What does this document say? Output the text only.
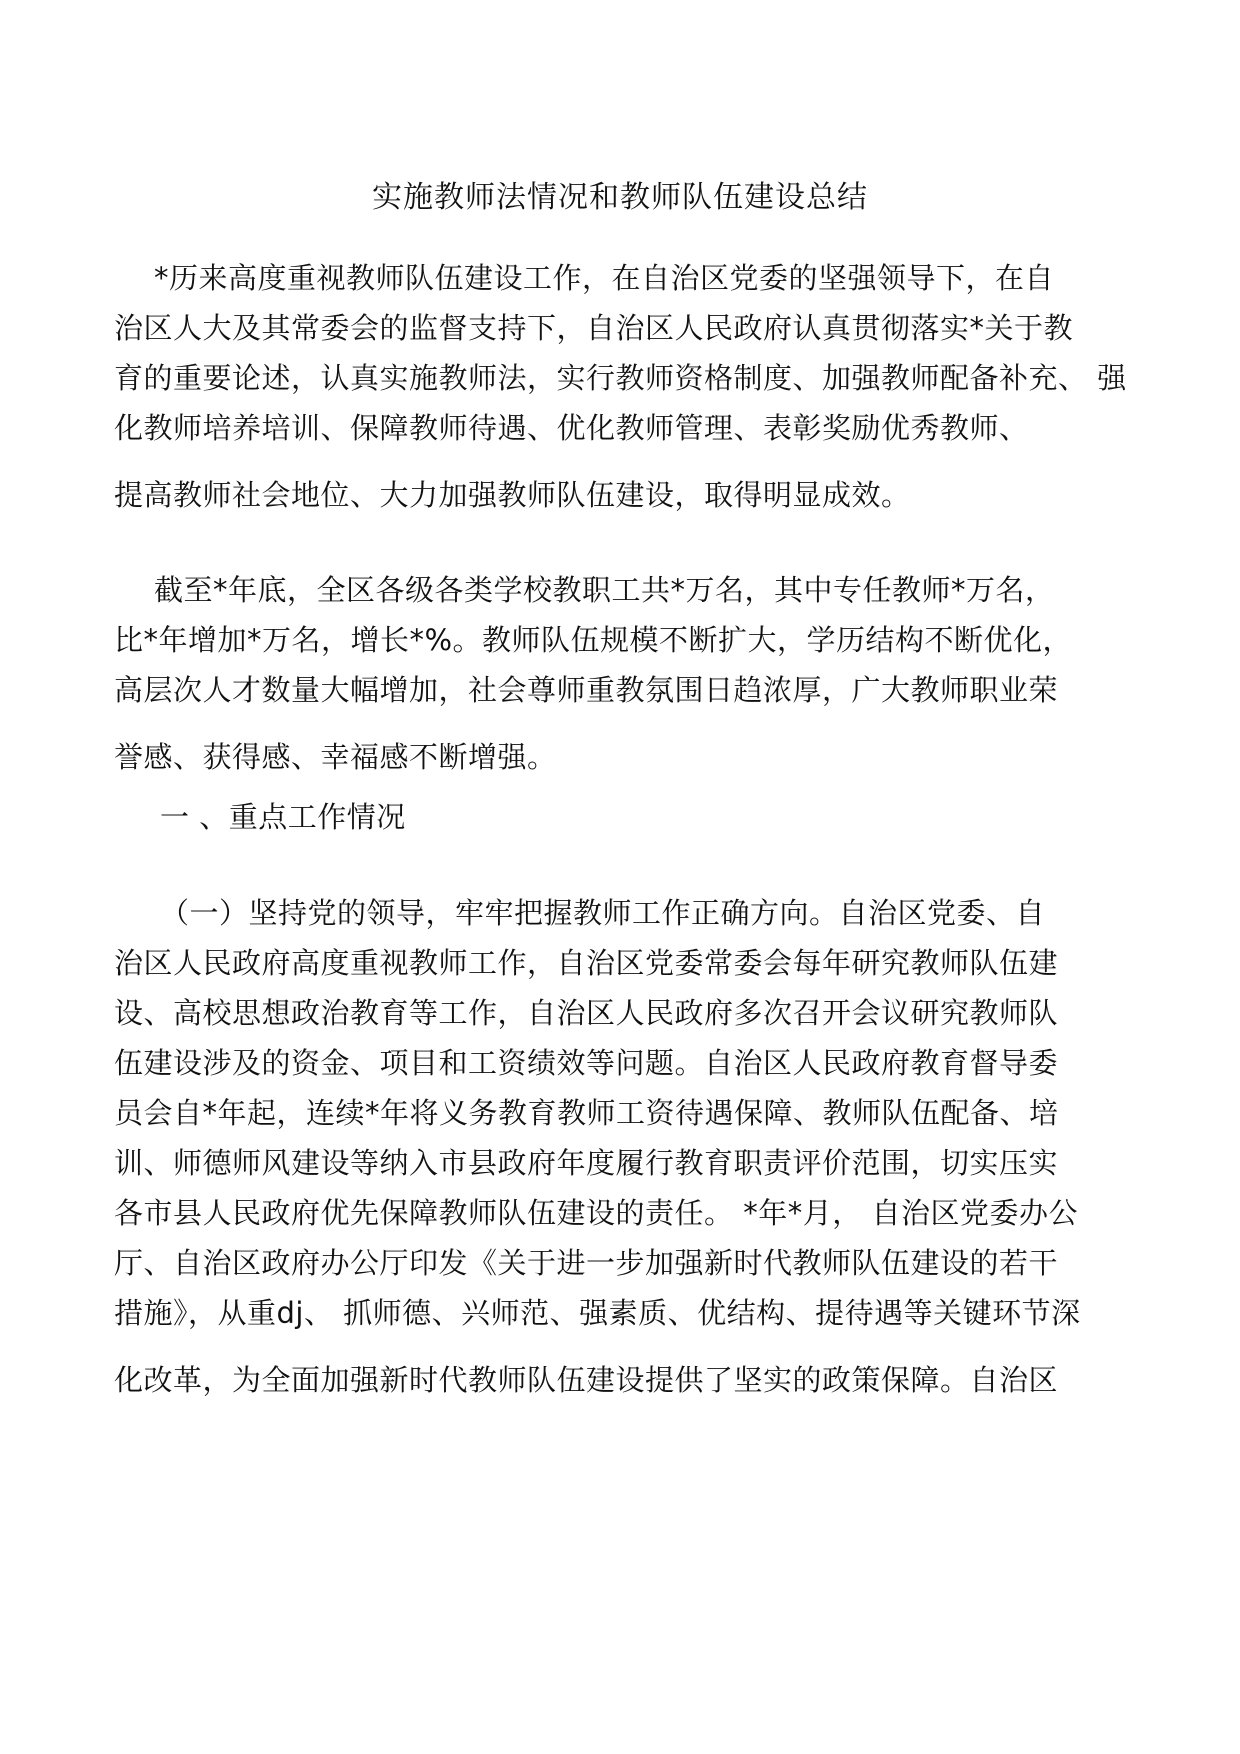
实施教师法情况和教师队伍建设总结
*历来高度重视教师队伍建设工作，在自治区党委的坚强领导下，在自
治区人大及其常委会的监督支持下，自治区人民政府认真贯彻落实*关于教
育的重要论述，认真实施教师法，实行教师资格制度、加强教师配备补充、 强
化教师培养培训、保障教师待遇、优化教师管理、表彰奖励优秀教师、
提高教师社会地位、大力加强教师队伍建设，取得明显成效。
截至*年底，全区各级各类学校教职工共*万名，其中专任教师*万名，
比*年增加*万名，增长*%。教师队伍规模不断扩大，学历结构不断优化，
高层次人才数量大幅增加，社会尊师重教氛围日趋浓厚，广大教师职业荣
誉感、获得感、幸福感不断增强。
一 、重点工作情况
（一）坚持党的领导，牢牢把握教师工作正确方向。自治区党委、自
治区人民政府高度重视教师工作，自治区党委常委会每年研究教师队伍建
设、高校思想政治教育等工作，自治区人民政府多次召开会议研究教师队
伍建设涉及的资金、项目和工资绩效等问题。自治区人民政府教育督导委
员会自*年起，连续*年将义务教育教师工资待遇保障、教师队伍配备、培
训、师德师风建设等纳入市县政府年度履行教育职责评价范围，切实压实
各市县人民政府优先保障教师队伍建设的责任。 *年*月， 自治区党委办公
厅、自治区政府办公厅印发《关于进一步加强新时代教师队伍建设的若干
措施》，从重dj、 抓师德、兴师范、强素质、优结构、提待遇等关键环节深
化改革，为全面加强新时代教师队伍建设提供了坚实的政策保障。自治区
